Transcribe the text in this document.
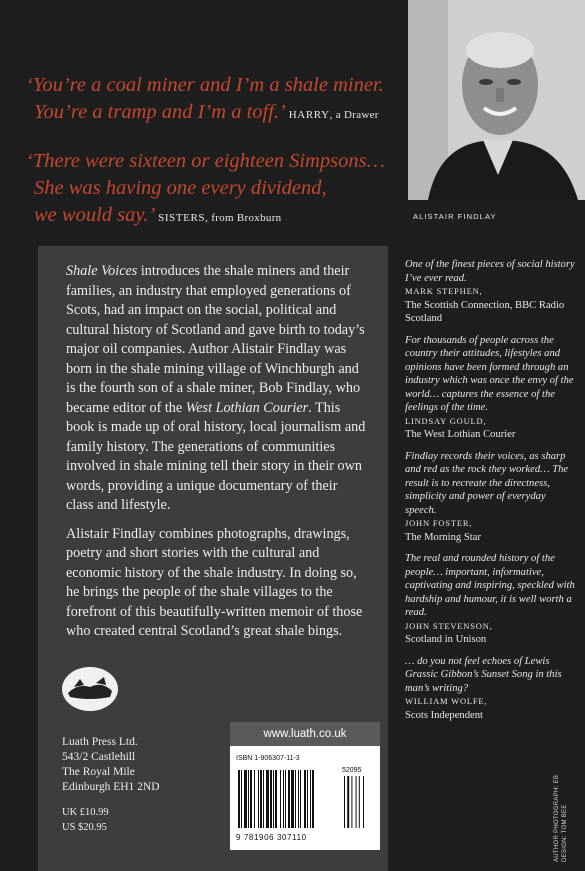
‘You’re a coal miner and I’m a shale miner.
You’re a tramp and I’m a toff.’ HARRY, a Drawer
‘There were sixteen or eighteen Simpsons…
She was having one every dividend,
we would say.’ SISTERS, from Broxburn	ALISTAIR FINDLAY

Shale Voices introduces the shale miners and their families, an industry that employed generations of Scots, had an impact on the social, political and cultural history of Scotland and gave birth to today’s major oil companies. Author Alistair Findlay was born in the shale mining village of Winchburgh and is the fourth son of a shale miner, Bob Findlay, who became editor of the West Lothian Courier. This book is made up of oral history, local journalism and family history. The generations of communities involved in shale mining tell their story in their own words, providing a unique documentary of their class and lifestyle.

Alistair Findlay combines photographs, drawings, poetry and short stories with the cultural and economic history of the shale industry. In doing so, he brings the people of the shale villages to the forefront of this beautifully-written memoir of those who created central Scotland’s great shale bings.

Luath Press Ltd.
543/2 Castlehill
The Royal Mile
Edinburgh EH1 2ND
UK £10.99
US $20.95
www.luath.co.uk
ISBN 1-906307-11-3
52095
9 781906 307110

One of the finest pieces of social history I’ve ever read.
MARK STEPHEN,
The Scottish Connection, BBC Radio Scotland

For thousands of people across the country their attitudes, lifestyles and opinions have been formed through an industry which was once the envy of the world… captures the essence of the feelings of the time.
LINDSAY GOULD,
The West Lothian Courier

Findlay records their voices, as sharp and red as the rock they worked… The result is to recreate the directness, simplicity and power of everyday speech.
JOHN FOSTER,
The Morning Star

The real and rounded history of the people… important, informative, captivating and inspiring, speckled with hardship and humour, it is well worth a read.
JOHN STEVENSON,
Scotland in Unison

… do you not feel echoes of Lewis Grassic Gibbon’s Sunset Song in this man’s writing?
WILLIAM WOLFE,
Scots Independent

AUTHOR PHOTOGRAPH: EB DESIGN: TOM BEE
